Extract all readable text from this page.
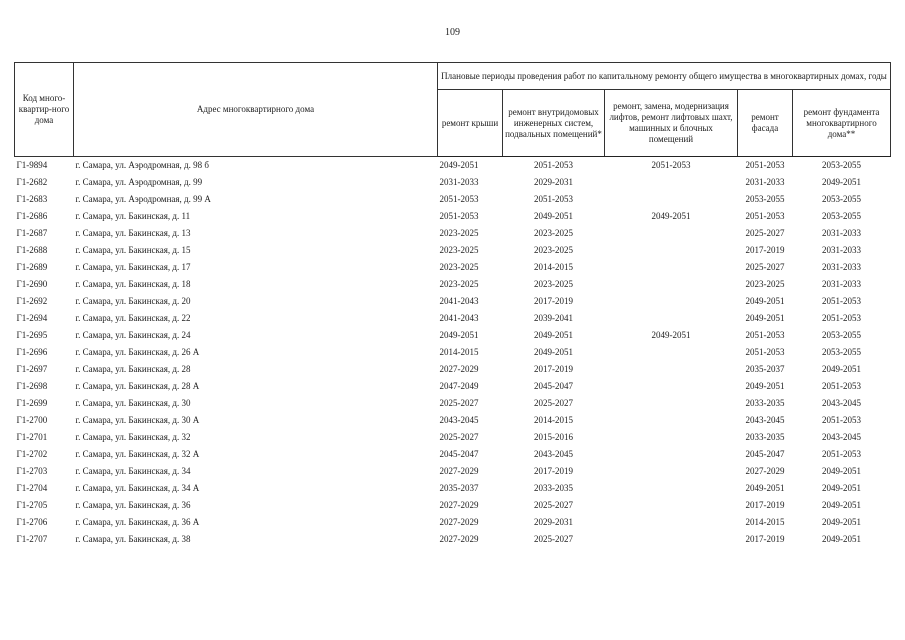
109
Код много-квартир-ного дома	Адрес многоквартирного дома	Плановые периоды проведения работ по капитальному ремонту общего имущества в многоквартирных домах, годы				
		ремонт крыши	ремонт внутридомовых инженерных систем, подвальных помещений*	ремонт, замена, модернизация лифтов, ремонт лифтовых шахт, машинных и блочных помещений	ремонт фасада	ремонт фундамента многоквартирного дома**
Г1-9894	г. Самара, ул. Аэродромная, д. 98 б	2049-2051	2051-2053	2051-2053	2051-2053	2053-2055
Г1-2682	г. Самара, ул. Аэродромная, д. 99	2031-2033	2029-2031		2031-2033	2049-2051
Г1-2683	г. Самара, ул. Аэродромная, д. 99 А	2051-2053	2051-2053		2053-2055	2053-2055
Г1-2686	г. Самара, ул. Бакинская, д. 11	2051-2053	2049-2051	2049-2051	2051-2053	2053-2055
Г1-2687	г. Самара, ул. Бакинская, д. 13	2023-2025	2023-2025		2025-2027	2031-2033
Г1-2688	г. Самара, ул. Бакинская, д. 15	2023-2025	2023-2025		2017-2019	2031-2033
Г1-2689	г. Самара, ул. Бакинская, д. 17	2023-2025	2014-2015		2025-2027	2031-2033
Г1-2690	г. Самара, ул. Бакинская, д. 18	2023-2025	2023-2025		2023-2025	2031-2033
Г1-2692	г. Самара, ул. Бакинская, д. 20	2041-2043	2017-2019		2049-2051	2051-2053
Г1-2694	г. Самара, ул. Бакинская, д. 22	2041-2043	2039-2041		2049-2051	2051-2053
Г1-2695	г. Самара, ул. Бакинская, д. 24	2049-2051	2049-2051	2049-2051	2051-2053	2053-2055
Г1-2696	г. Самара, ул. Бакинская, д. 26 А	2014-2015	2049-2051		2051-2053	2053-2055
Г1-2697	г. Самара, ул. Бакинская, д. 28	2027-2029	2017-2019		2035-2037	2049-2051
Г1-2698	г. Самара, ул. Бакинская, д. 28 А	2047-2049	2045-2047		2049-2051	2051-2053
Г1-2699	г. Самара, ул. Бакинская, д. 30	2025-2027	2025-2027		2033-2035	2043-2045
Г1-2700	г. Самара, ул. Бакинская, д. 30 А	2043-2045	2014-2015		2043-2045	2051-2053
Г1-2701	г. Самара, ул. Бакинская, д. 32	2025-2027	2015-2016		2033-2035	2043-2045
Г1-2702	г. Самара, ул. Бакинская, д. 32 А	2045-2047	2043-2045		2045-2047	2051-2053
Г1-2703	г. Самара, ул. Бакинская, д. 34	2027-2029	2017-2019		2027-2029	2049-2051
Г1-2704	г. Самара, ул. Бакинская, д. 34 А	2035-2037	2033-2035		2049-2051	2049-2051
Г1-2705	г. Самара, ул. Бакинская, д. 36	2027-2029	2025-2027		2017-2019	2049-2051
Г1-2706	г. Самара, ул. Бакинская, д. 36 А	2027-2029	2029-2031		2014-2015	2049-2051
Г1-2707	г. Самара, ул. Бакинская, д. 38	2027-2029	2025-2027		2017-2019	2049-2051
